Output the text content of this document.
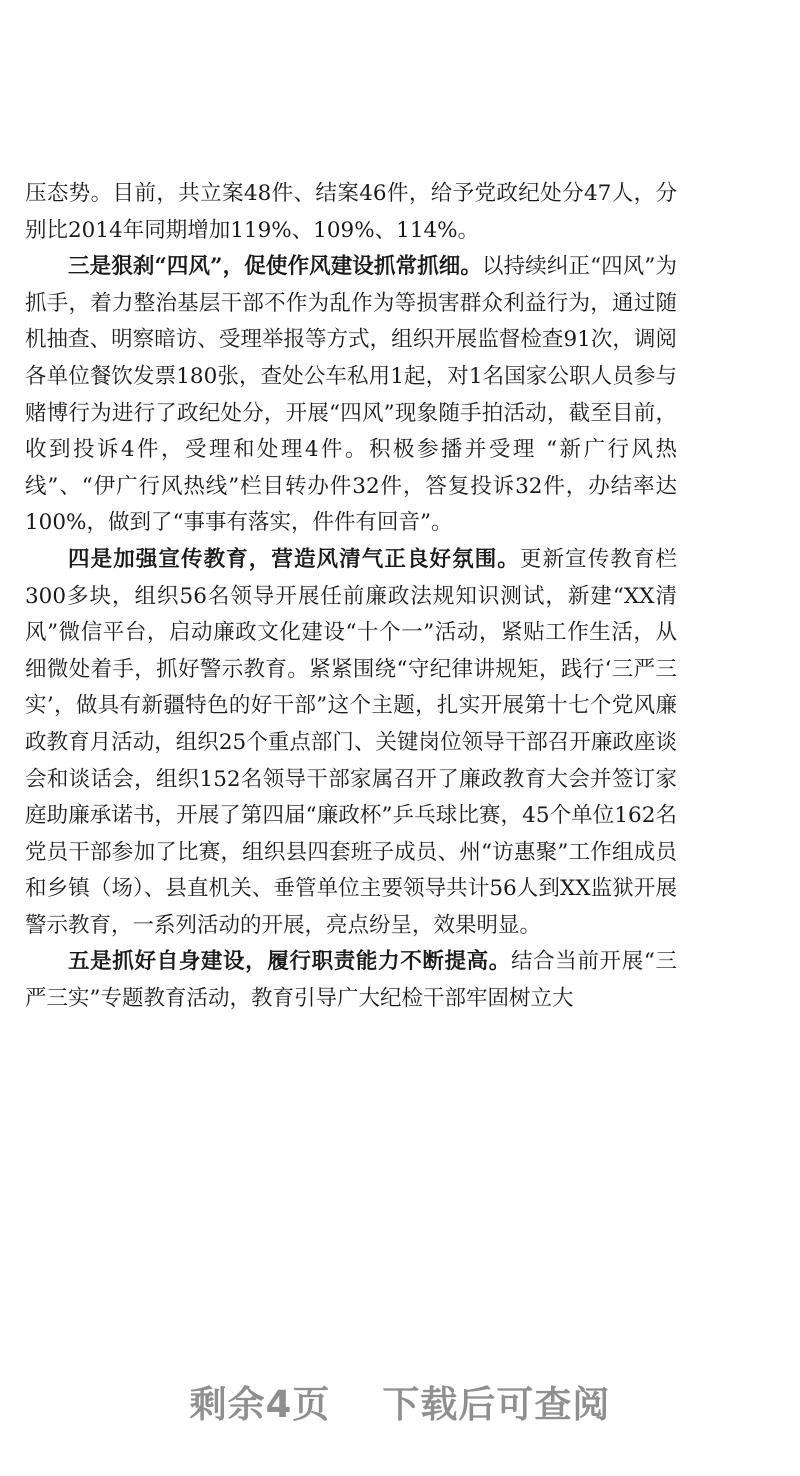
压态势。目前，共立案48件、结案46件，给予党政纪处分47人，分别比2014年同期增加119%、109%、114%。

三是狠刹“四风”，促使作风建设抓常抓细。以持续纠正“四风”为抓手，着力整治基层干部不作为乱作为等损害群众利益行为，通过随机抽查、明察暗访、受理举报等方式，组织开展监督检查91次，调阅各单位餐饮发票180张，查处公车私用1起，对1名国家公职人员参与赌博行为进行了政纪处分，开展“四风”现象随手拍活动，截至目前，收到投诉4件，受理和处理4件。积极参播并受理 “新广行风热线”、“伊广行风热线”栏目转办件32件，答复投诉32件，办结率达100%，做到了“事事有落实，件件有回音”。

四是加强宣传教育，营造风清气正良好氛围。更新宣传教育栏300多块，组织56名领导开展任前廉政法规知识测试，新建“XX清风”微信平台，启动廉政文化建设“十个一”活动，紧贴工作生活，从细微处着手，抓好警示教育。紧紧围绕“守纪律讲规矩，践行‘三严三实’，做具有新疆特色的好干部”这个主题，扎实开展第十七个党风廉政教育月活动，组织25个重点部门、关键岗位领导干部召开廉政座谈会和谈话会，组织152名领导干部家属召开了廉政教育大会并签订家庭助廉承诺书，开展了第四届“廉政杯”乒乓球比赛，45个单位162名党员干部参加了比赛，组织县四套班子成员、州“访惠聚”工作组成员和乡镇（场）、县直机关、垂管单位主要领导共计56人到XX监狱开展警示教育，一系列活动的开展，亮点纷呈，效果明显。

五是抓好自身建设，履行职责能力不断提高。结合当前开展“三严三实”专题教育活动，教育引导广大纪检干部牢固树立大

剩余4页 下载后可查阅
